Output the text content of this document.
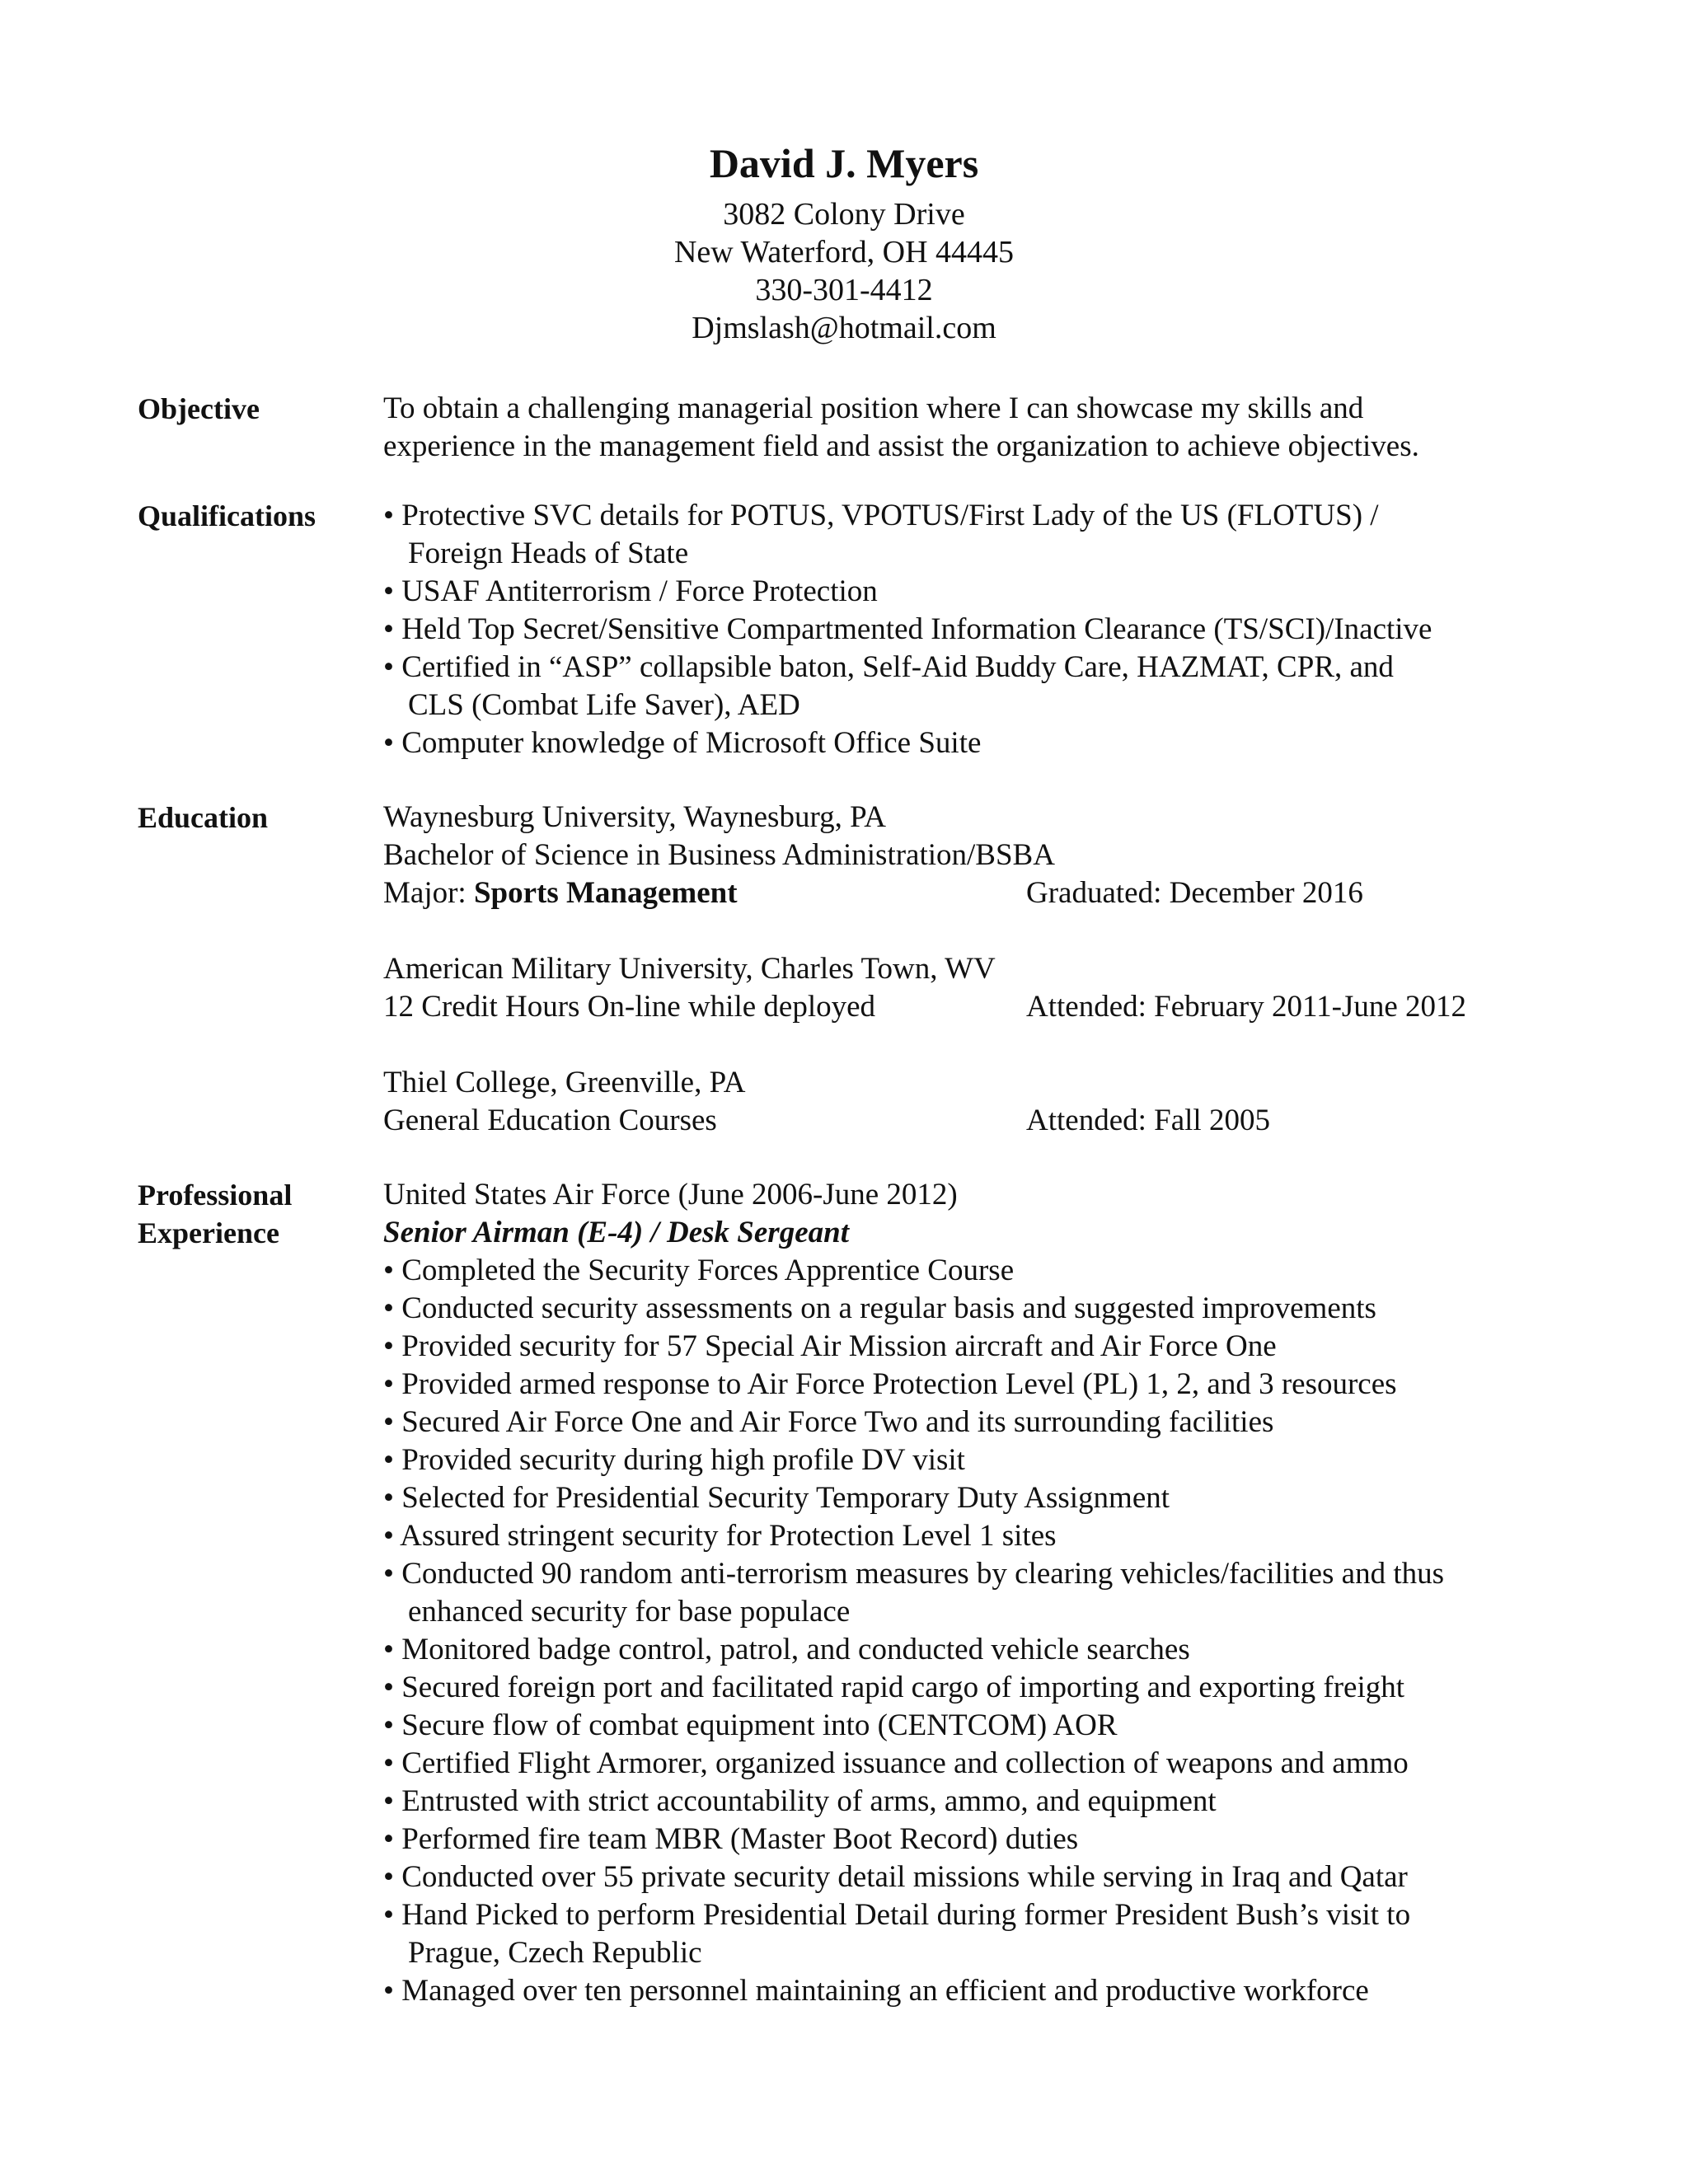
David J. Myers
3082 Colony Drive
New Waterford, OH 44445
330-301-4412
Djmslash@hotmail.com
Objective	To obtain a challenging managerial position where I can showcase my skills and
experience in the management field and assist the organization to achieve objectives.
Qualifications	• Protective SVC details for POTUS, VPOTUS/First Lady of the US (FLOTUS) /
Foreign Heads of State
• USAF Antiterrorism / Force Protection
• Held Top Secret/Sensitive Compartmented Information Clearance (TS/SCI)/Inactive
• Certified in “ASP” collapsible baton, Self-Aid Buddy Care, HAZMAT, CPR, and
CLS (Combat Life Saver), AED
• Computer knowledge of Microsoft Office Suite
Education	Waynesburg University, Waynesburg, PA
Bachelor of Science in Business Administration/BSBA
Major: Sports Management	Graduated: December 2016
American Military University, Charles Town, WV
12 Credit Hours On-line while deployed	Attended: February 2011-June 2012
Thiel College, Greenville, PA
General Education Courses	Attended: Fall 2005
Professional
Experience
United States Air Force (June 2006-June 2012)
Senior Airman (E-4) / Desk Sergeant
• Completed the Security Forces Apprentice Course
• Conducted security assessments on a regular basis and suggested improvements
• Provided security for 57 Special Air Mission aircraft and Air Force One
• Provided armed response to Air Force Protection Level (PL) 1, 2, and 3 resources
• Secured Air Force One and Air Force Two and its surrounding facilities
• Provided security during high profile DV visit
• Selected for Presidential Security Temporary Duty Assignment
• Assured stringent security for Protection Level 1 sites
• Conducted 90 random anti-terrorism measures by clearing vehicles/facilities and thus
enhanced security for base populace
• Monitored badge control, patrol, and conducted vehicle searches
• Secured foreign port and facilitated rapid cargo of importing and exporting freight
• Secure flow of combat equipment into (CENTCOM) AOR
• Certified Flight Armorer, organized issuance and collection of weapons and ammo
• Entrusted with strict accountability of arms, ammo, and equipment
• Performed fire team MBR (Master Boot Record) duties
• Conducted over 55 private security detail missions while serving in Iraq and Qatar
• Hand Picked to perform Presidential Detail during former President Bush’s visit to
Prague, Czech Republic
• Managed over ten personnel maintaining an efficient and productive workforce
